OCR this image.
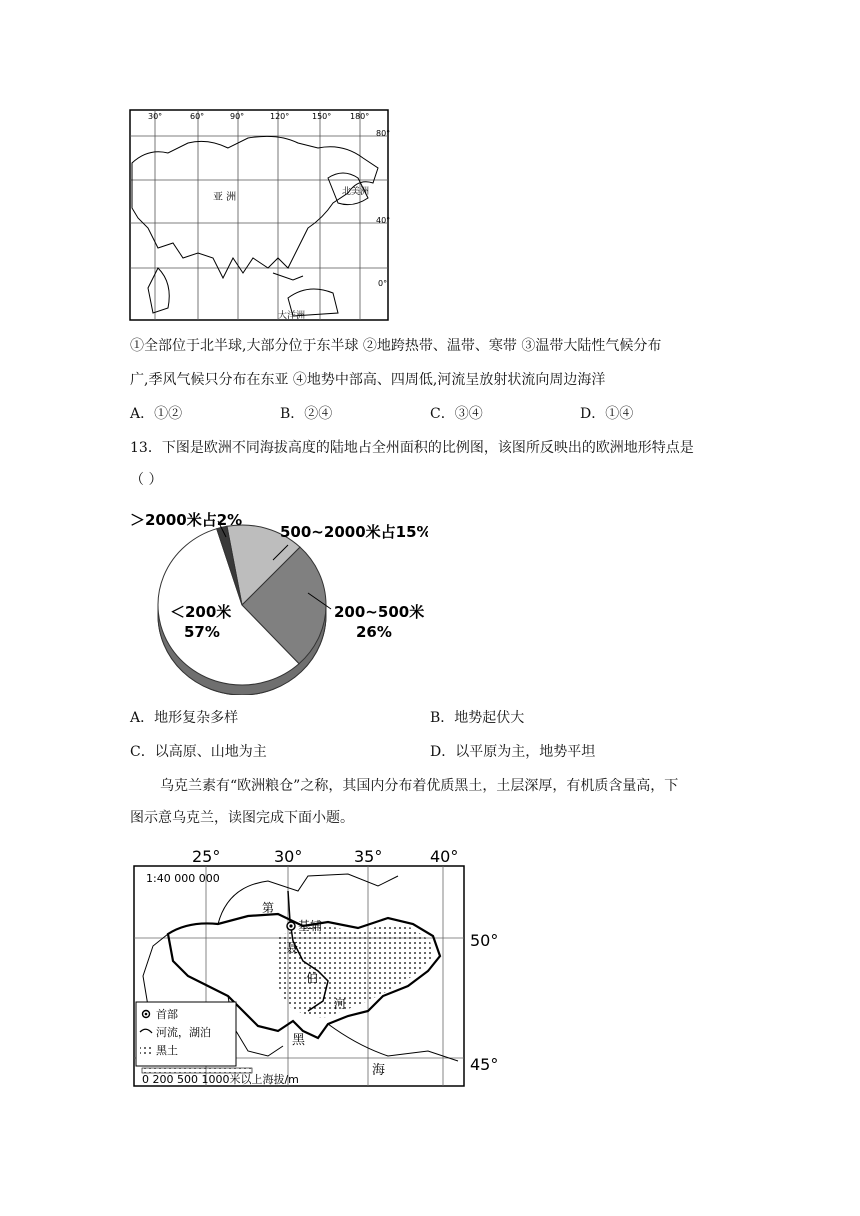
30°	60°	90°	120°	150° 180°
80°
40°
0°
亚 洲	北美洲
大洋洲
①全部位于北半球,大部分位于东半球 ②地跨热带、温带、寒带 ③温带大陆性气候分布
广,季风气候只分布在东亚 ④地势中部高、四周低,河流呈放射状流向周边海洋
A．①②	B．②④	C．③④	D．①④
13．下图是欧洲不同海拔高度的陆地占全州面积的比例图，该图所反映出的欧洲地形特点是
（ ）
＞2000米占2%
500~2000米占15%
＜200米
57%
200~500米
26%
A．地形复杂多样	B．地势起伏大
C．以高原、山地为主	D．以平原为主，地势平坦
乌克兰素有“欧洲粮仓”之称，其国内分布着优质黑土，土层深厚，有机质含量高，下
图示意乌克兰，读图完成下面小题。
25°	30°	35°	40°
50°
45°
1:40 000 000
基辅
第
聂
伯
河
黑
海
首部
河流，湖泊
黑土
0 200 500 1000米以上海拔/m
